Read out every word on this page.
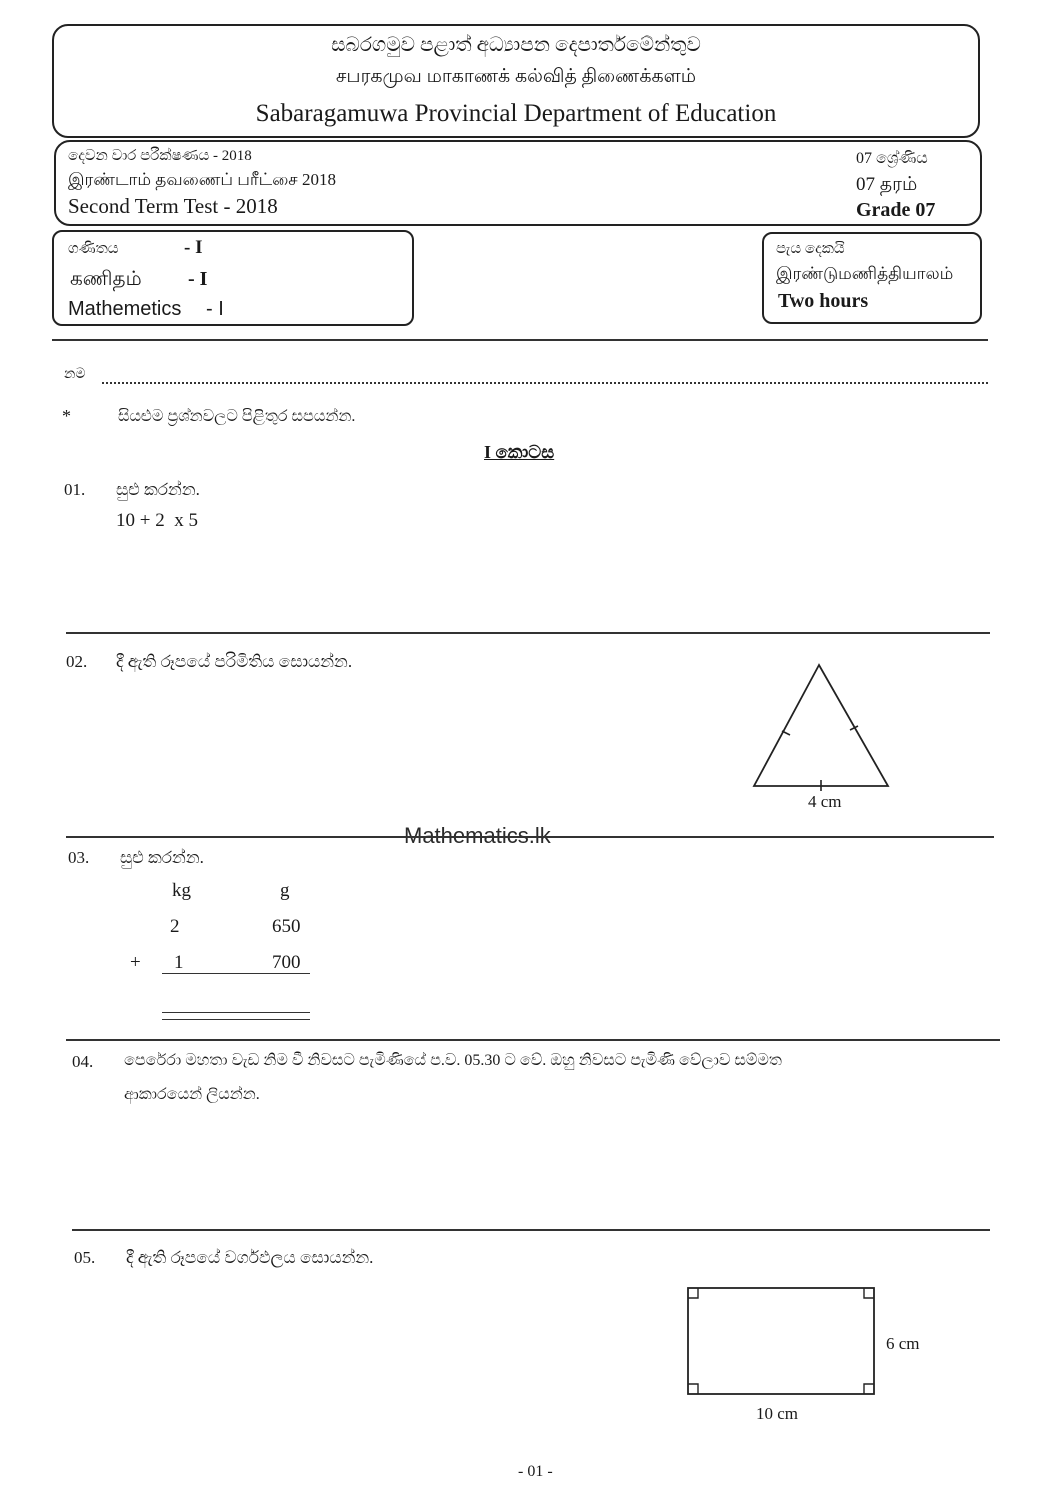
සබරගමුව පළාත් අධ්‍යාපන දෙපාර්තමේන්තුව
சபரகமுவ மாகாணக் கல்வித் திணைக்களம்
Sabaragamuwa Provincial Department of Education
දෙවන වාර පරීක්ෂණය - 2018
இரண்டாம் தவணைப் பரீட்சை 2018
Second Term Test - 2018
07 ශ්‍රේණිය
07 தரம்
Grade 07
ගණිතය	- I
கணிதம் - I
Mathemetics - I
පැය දෙකයි
இரண்டுமணித்தியாலம்
Two hours
නම
*	සියළුම ප්‍රශ්නවලට පිළිතුර සපයන්න.
I කොටස
01. සුළු කරන්න.
10 + 2  x 5
02. දී ඇති රූපයේ පරිමිතිය සොයන්න.
4 cm
Mathematics.lk
03. සුළු කරන්න.
kg	g
2	650
+ 1	700
04. පෙරේරා මහතා වැඩ නිම වී නිවසට පැමිණියේ ප.ව. 05.30 ට වේ. ඔහු නිවසට පැමිණි වේලාව සම්මත
ආකාරයෙන් ලියන්න.
05. දී ඇති රූපයේ වර්ගඵලය සොයන්න.
6 cm
10 cm
- 01 -
